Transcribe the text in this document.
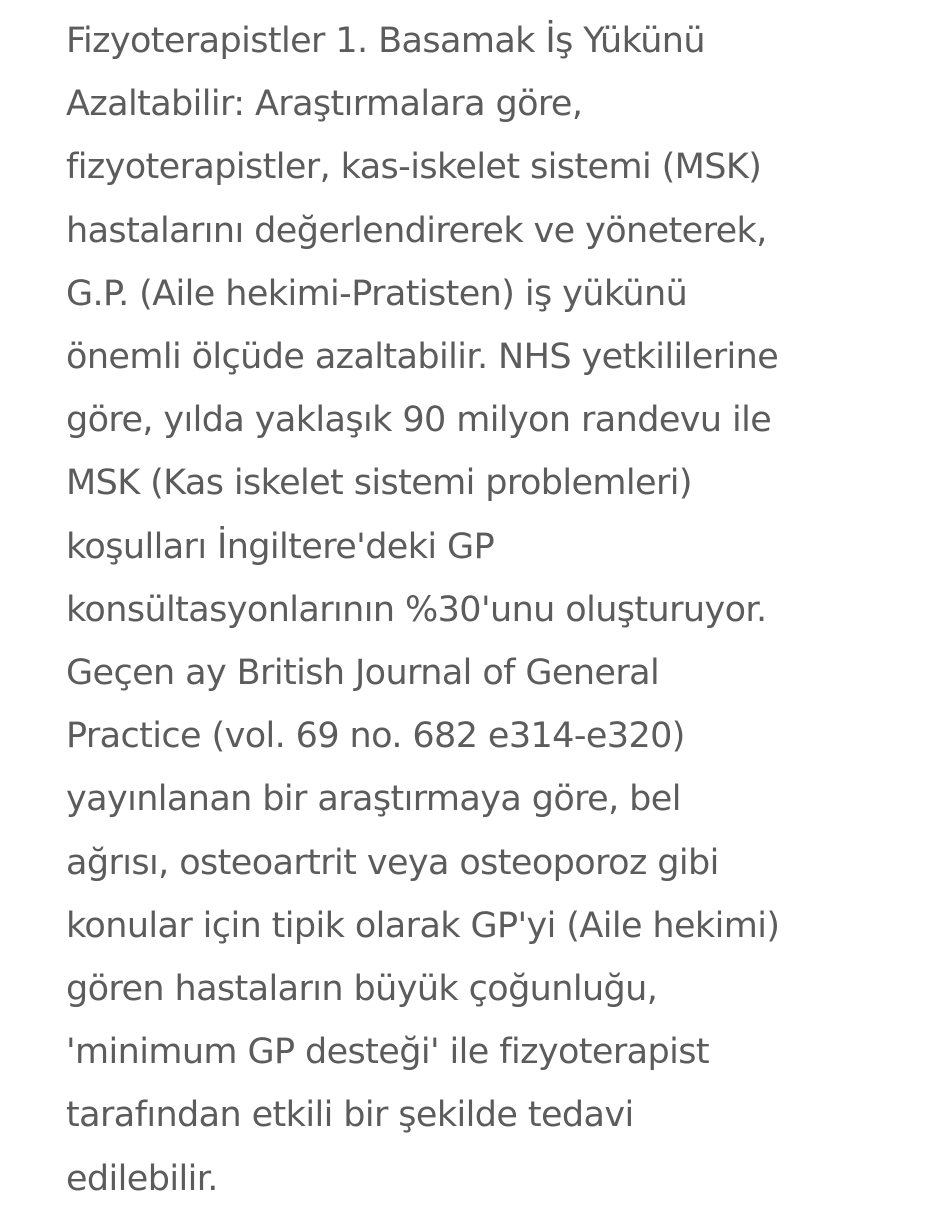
Fizyoterapistler 1. Basamak İş Yükünü
Azaltabilir: Araştırmalara göre,
fizyoterapistler, kas-iskelet sistemi (MSK)
hastalarını değerlendirerek ve yöneterek,
G.P. (Aile hekimi-Pratisten) iş yükünü
önemli ölçüde azaltabilir. NHS yetkililerine
göre, yılda yaklaşık 90 milyon randevu ile
MSK (Kas iskelet sistemi problemleri)
koşulları İngiltere'deki GP
konsültasyonlarının %30'unu oluşturuyor.
Geçen ay British Journal of General
Practice (vol. 69 no. 682 e314-e320)
yayınlanan bir araştırmaya göre, bel
ağrısı, osteoartrit veya osteoporoz gibi
konular için tipik olarak GP'yi (Aile hekimi)
gören hastaların büyük çoğunluğu,
'minimum GP desteği' ile fizyoterapist
tarafından etkili bir şekilde tedavi
edilebilir.
